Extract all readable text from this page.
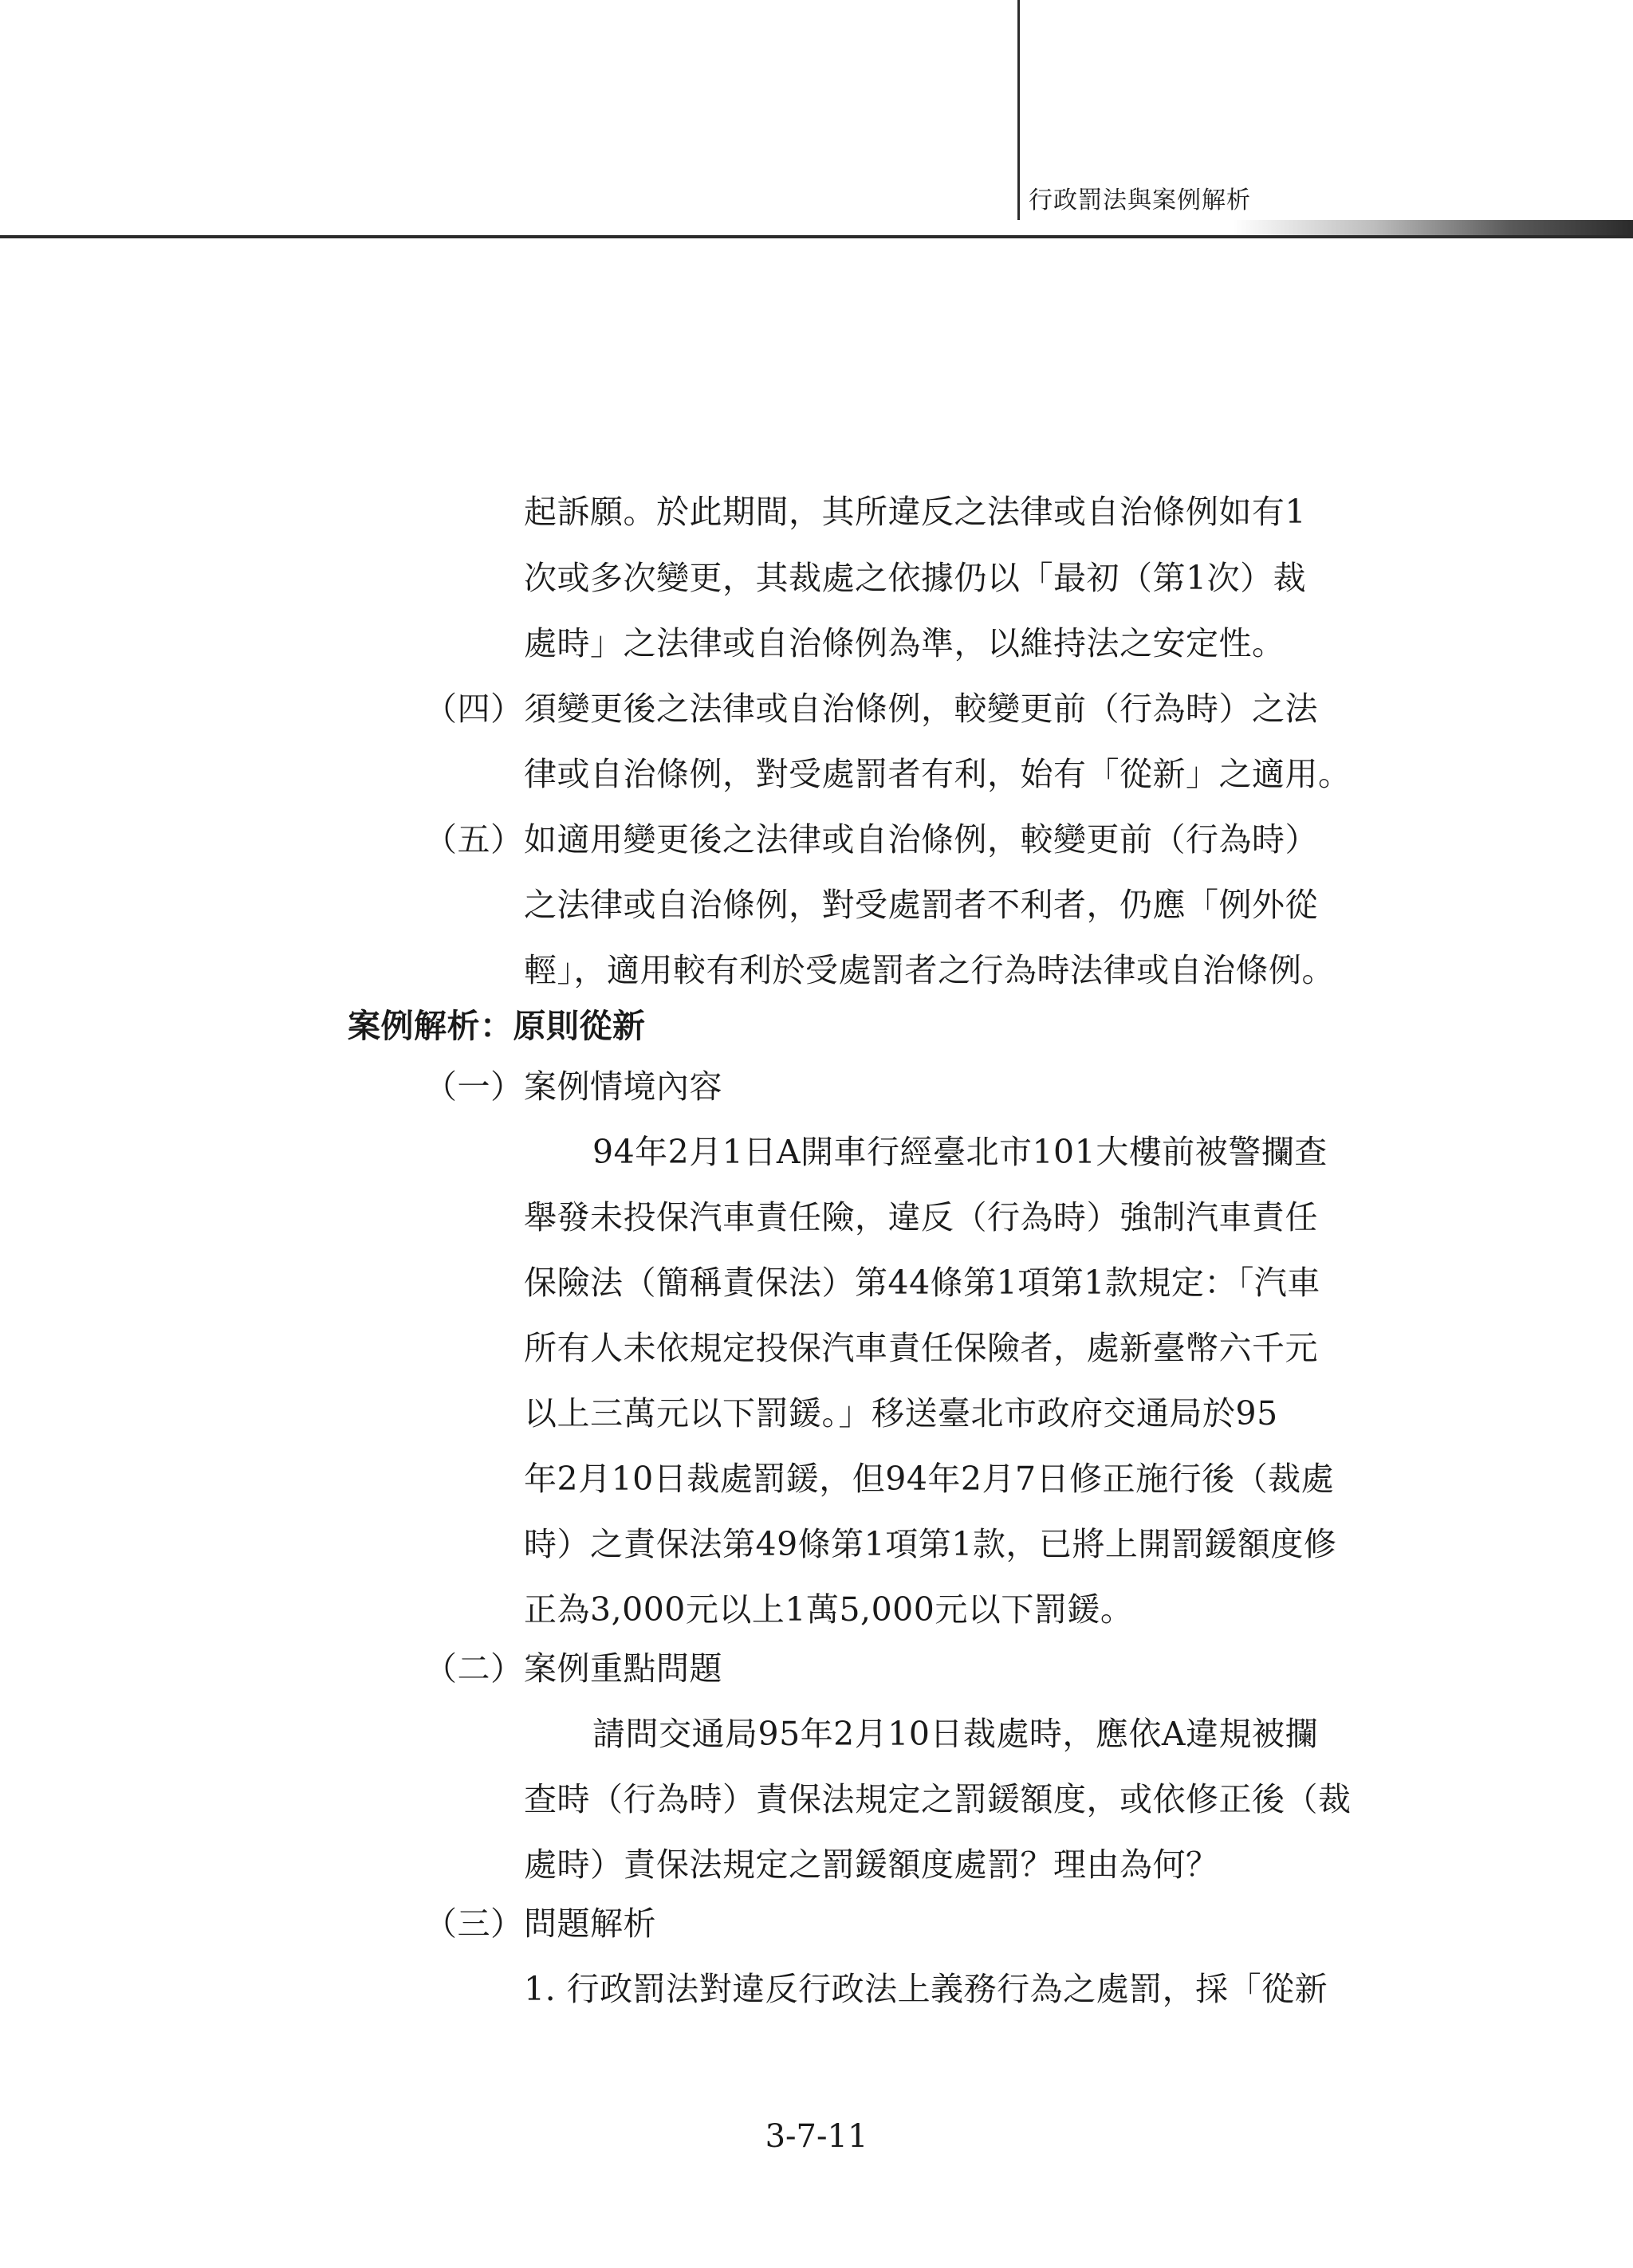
行政罰法與案例解析
起訴願。於此期間，其所違反之法律或自治條例如有1
次或多次變更，其裁處之依據仍以「最初（第1次）裁
處時」之法律或自治條例為準，以維持法之安定性。
（四） 須變更後之法律或自治條例，較變更前（行為時）之法
律或自治條例，對受處罰者有利，始有「從新」之適用。
（五） 如適用變更後之法律或自治條例，較變更前（行為時）
之法律或自治條例，對受處罰者不利者，仍應「例外從
輕」，適用較有利於受處罰者之行為時法律或自治條例。
案例解析：原則從新
（一） 案例情境內容
94年2月1日A開車行經臺北市101大樓前被警攔查
舉發未投保汽車責任險，違反（行為時）強制汽車責任
保險法（簡稱責保法）第44條第1項第1款規定：「汽車
所有人未依規定投保汽車責任保險者，處新臺幣六千元
以上三萬元以下罰鍰。」移送臺北市政府交通局於95
年2月10日裁處罰鍰，但94年2月7日修正施行後（裁處
時）之責保法第49條第1項第1款，已將上開罰鍰額度修
正為3,000元以上1萬5,000元以下罰鍰。
（二） 案例重點問題
請問交通局95年2月10日裁處時，應依A違規被攔
查時（行為時）責保法規定之罰鍰額度，或依修正後（裁
處時）責保法規定之罰鍰額度處罰？理由為何？
（三） 問題解析
1. 行政罰法對違反行政法上義務行為之處罰，採「從新
3-7-11
